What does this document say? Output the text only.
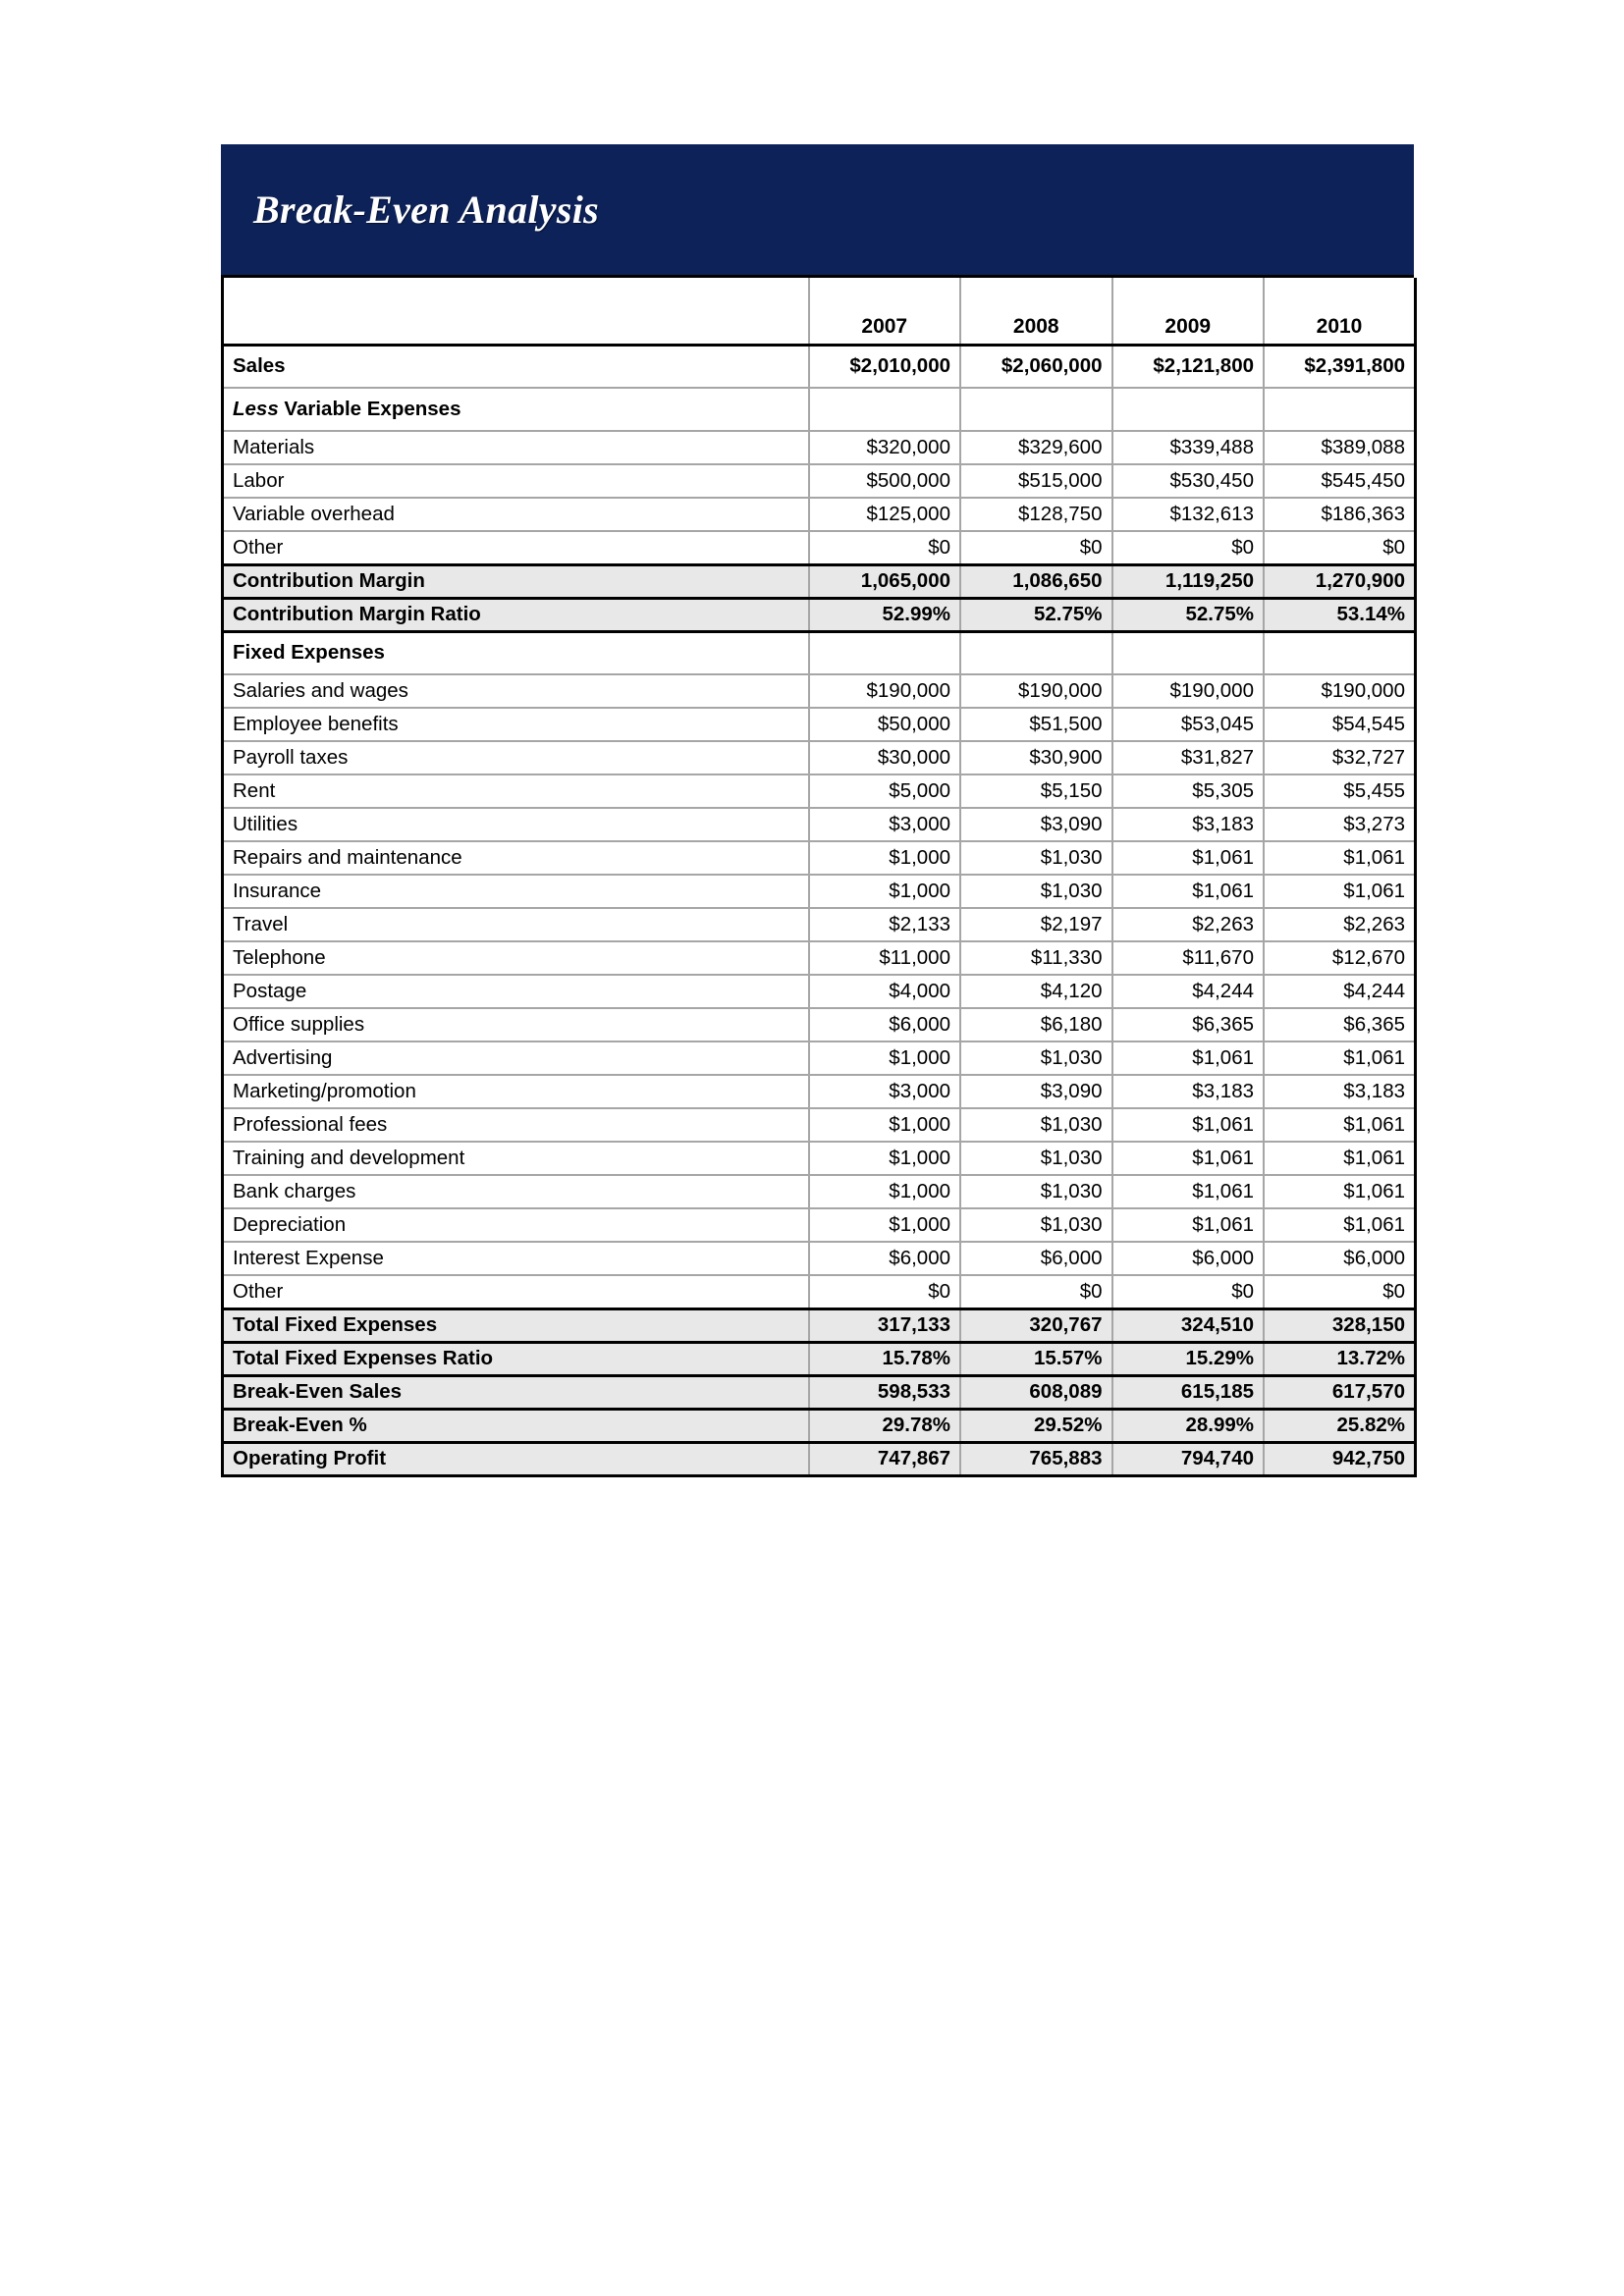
Break-Even Analysis

	2007	2008	2009	2010
Sales	$2,010,000	$2,060,000	$2,121,800	$2,391,800
Less Variable Expenses				
Materials	$320,000	$329,600	$339,488	$389,088
Labor	$500,000	$515,000	$530,450	$545,450
Variable overhead	$125,000	$128,750	$132,613	$186,363
Other	$0	$0	$0	$0
Contribution Margin	1,065,000	1,086,650	1,119,250	1,270,900
Contribution Margin Ratio	52.99%	52.75%	52.75%	53.14%
Fixed Expenses				
Salaries and wages	$190,000	$190,000	$190,000	$190,000
Employee benefits	$50,000	$51,500	$53,045	$54,545
Payroll taxes	$30,000	$30,900	$31,827	$32,727
Rent	$5,000	$5,150	$5,305	$5,455
Utilities	$3,000	$3,090	$3,183	$3,273
Repairs and maintenance	$1,000	$1,030	$1,061	$1,061
Insurance	$1,000	$1,030	$1,061	$1,061
Travel	$2,133	$2,197	$2,263	$2,263
Telephone	$11,000	$11,330	$11,670	$12,670
Postage	$4,000	$4,120	$4,244	$4,244
Office supplies	$6,000	$6,180	$6,365	$6,365
Advertising	$1,000	$1,030	$1,061	$1,061
Marketing/promotion	$3,000	$3,090	$3,183	$3,183
Professional fees	$1,000	$1,030	$1,061	$1,061
Training and development	$1,000	$1,030	$1,061	$1,061
Bank charges	$1,000	$1,030	$1,061	$1,061
Depreciation	$1,000	$1,030	$1,061	$1,061
Interest Expense	$6,000	$6,000	$6,000	$6,000
Other	$0	$0	$0	$0
Total Fixed Expenses	317,133	320,767	324,510	328,150
Total Fixed Expenses Ratio	15.78%	15.57%	15.29%	13.72%
Break-Even Sales	598,533	608,089	615,185	617,570
Break-Even %	29.78%	29.52%	28.99%	25.82%
Operating Profit	747,867	765,883	794,740	942,750
